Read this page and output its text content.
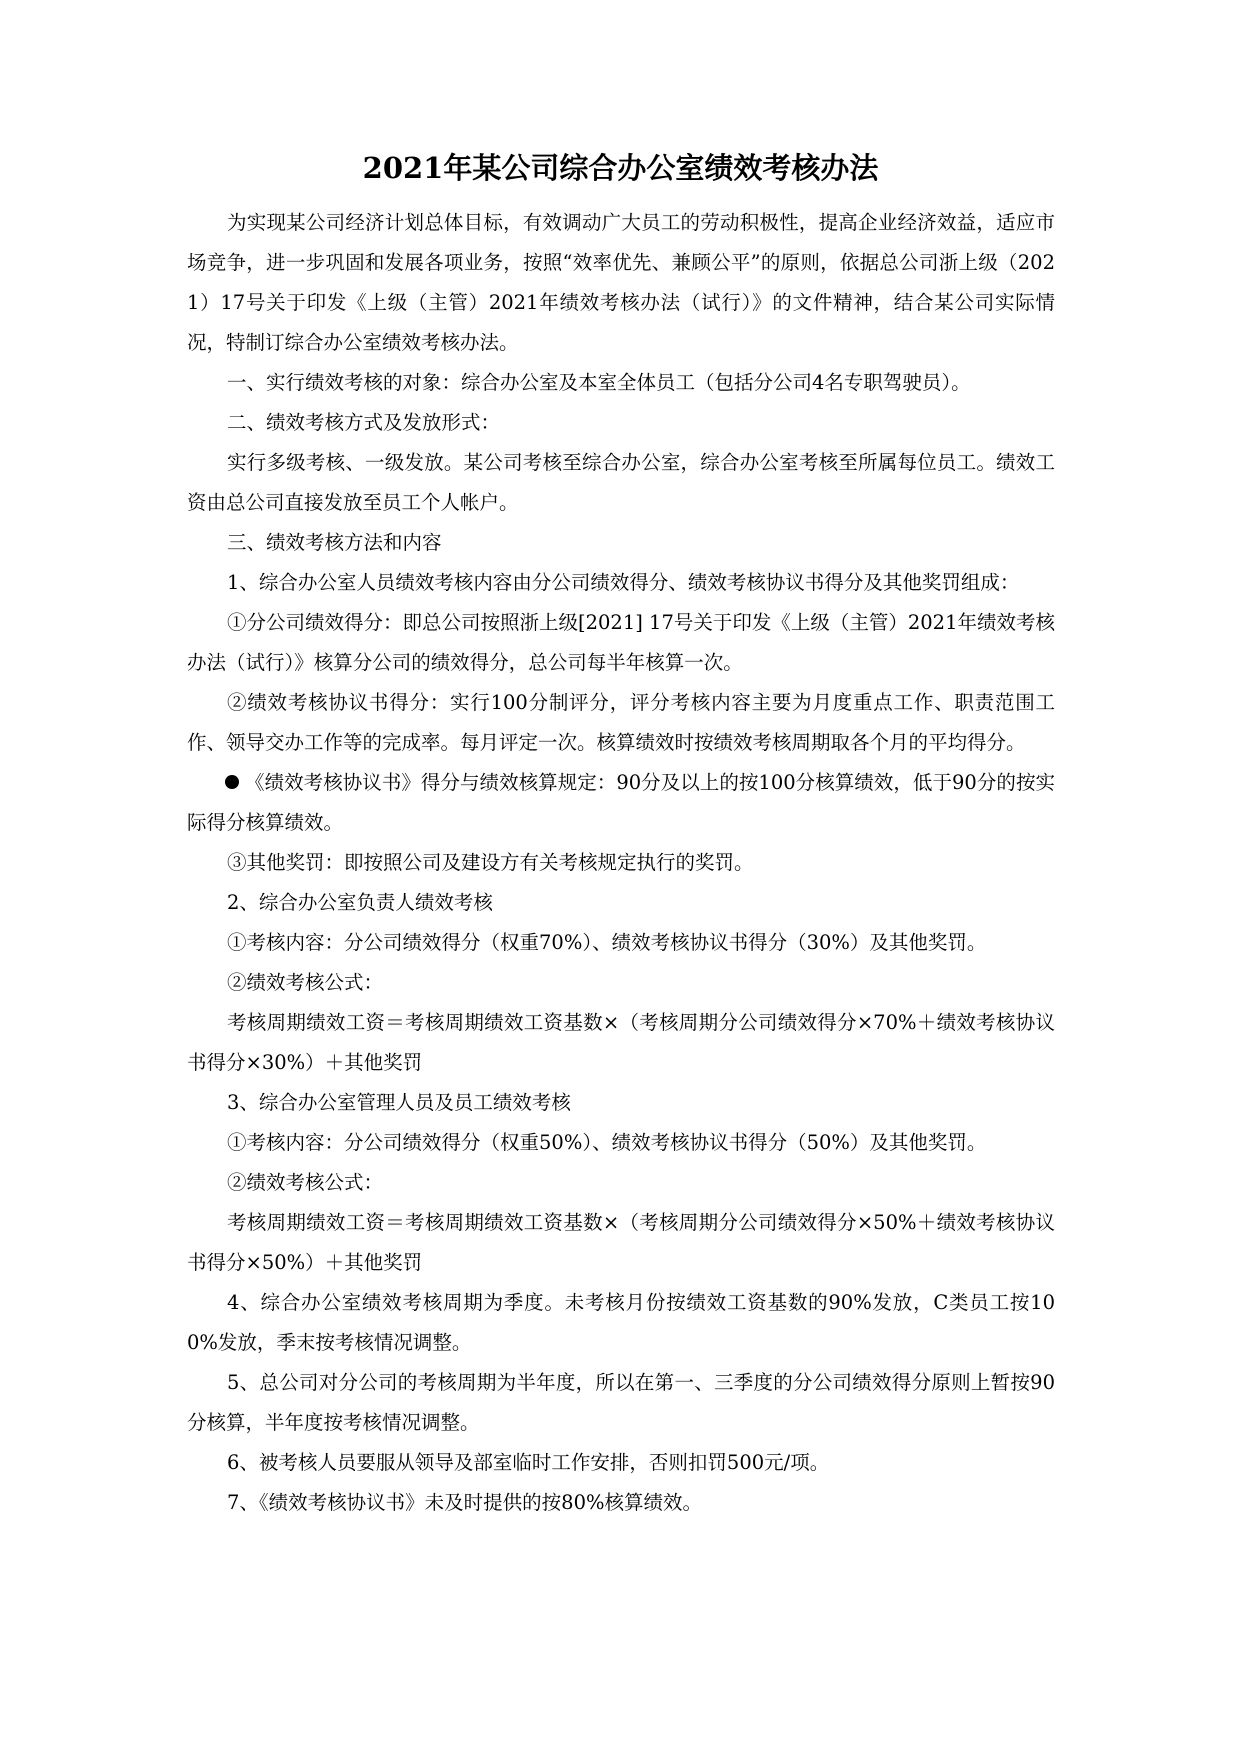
2021年某公司综合办公室绩效考核办法

为实现某公司经济计划总体目标，有效调动广大员工的劳动积极性，提高企业经济效益，适应市场竞争，进一步巩固和发展各项业务，按照“效率优先、兼顾公平”的原则，依据总公司浙上级（2021）17号关于印发《上级（主管）2021年绩效考核办法（试行）》的文件精神，结合某公司实际情况，特制订综合办公室绩效考核办法。

一、实行绩效考核的对象：综合办公室及本室全体员工（包括分公司4名专职驾驶员）。

二、绩效考核方式及发放形式：

实行多级考核、一级发放。某公司考核至综合办公室，综合办公室考核至所属每位员工。绩效工资由总公司直接发放至员工个人帐户。

三、绩效考核方法和内容

1、综合办公室人员绩效考核内容由分公司绩效得分、绩效考核协议书得分及其他奖罚组成：

①分公司绩效得分：即总公司按照浙上级[2021] 17号关于印发《上级（主管）2021年绩效考核办法（试行）》核算分公司的绩效得分，总公司每半年核算一次。

②绩效考核协议书得分：实行100分制评分，评分考核内容主要为月度重点工作、职责范围工作、领导交办工作等的完成率。每月评定一次。核算绩效时按绩效考核周期取各个月的平均得分。

《绩效考核协议书》得分与绩效核算规定：90分及以上的按100分核算绩效，低于90分的按实际得分核算绩效。

③其他奖罚：即按照公司及建设方有关考核规定执行的奖罚。

2、综合办公室负责人绩效考核

①考核内容：分公司绩效得分（权重70%）、绩效考核协议书得分（30%）及其他奖罚。

②绩效考核公式：

考核周期绩效工资＝考核周期绩效工资基数×（考核周期分公司绩效得分×70%＋绩效考核协议书得分×30%）＋其他奖罚

3、综合办公室管理人员及员工绩效考核

①考核内容：分公司绩效得分（权重50%）、绩效考核协议书得分（50%）及其他奖罚。

②绩效考核公式：

考核周期绩效工资＝考核周期绩效工资基数×（考核周期分公司绩效得分×50%＋绩效考核协议书得分×50%）＋其他奖罚

4、综合办公室绩效考核周期为季度。未考核月份按绩效工资基数的90%发放，C类员工按100%发放，季末按考核情况调整。

5、总公司对分公司的考核周期为半年度，所以在第一、三季度的分公司绩效得分原则上暂按90分核算，半年度按考核情况调整。

6、被考核人员要服从领导及部室临时工作安排，否则扣罚500元/项。

7、《绩效考核协议书》未及时提供的按80%核算绩效。
